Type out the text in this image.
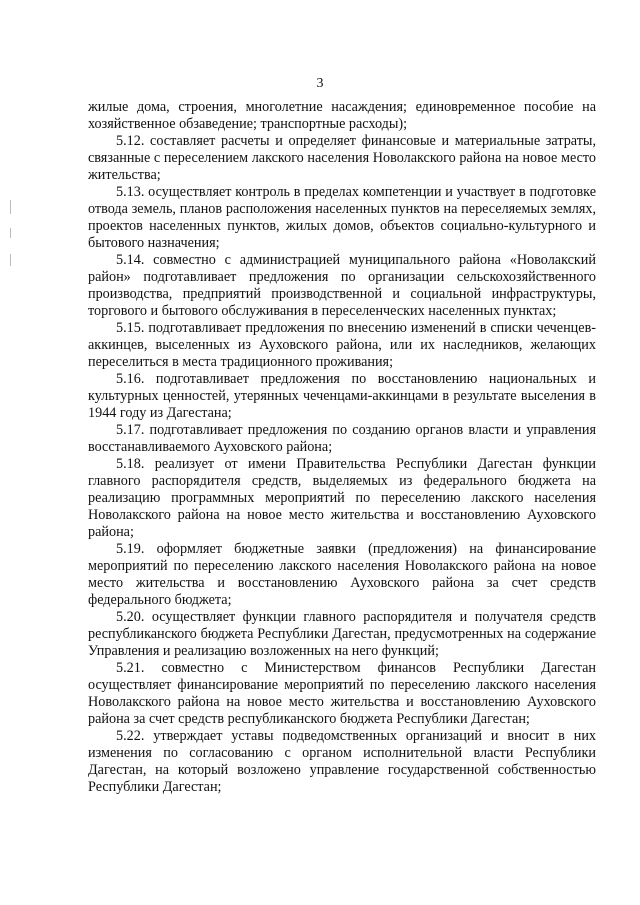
3

жилые дома, строения, многолетние насаждения; единовременное пособие на хозяйственное обзаведение; транспортные расходы);

5.12. составляет расчеты и определяет финансовые и материальные затраты, связанные с переселением лакского населения Новолакского района на новое место жительства;

5.13. осуществляет контроль в пределах компетенции и участвует в подготовке отвода земель, планов расположения населенных пунктов на переселяемых землях, проектов населенных пунктов, жилых домов, объектов социально-культурного и бытового назначения;

5.14. совместно с администрацией муниципального района «Новолакский район» подготавливает предложения по организации сельскохозяйственного производства, предприятий производственной и социальной инфраструктуры, торгового и бытового обслуживания в переселенческих населенных пунктах;

5.15. подготавливает предложения по внесению изменений в списки чеченцев-аккинцев, выселенных из Ауховского района, или их наследников, желающих переселиться в места традиционного проживания;

5.16. подготавливает предложения по восстановлению национальных и культурных ценностей, утерянных чеченцами-аккинцами в результате выселения в 1944 году из Дагестана;

5.17. подготавливает предложения по созданию органов власти и управления восстанавливаемого Ауховского района;

5.18. реализует от имени Правительства Республики Дагестан функции главного распорядителя средств, выделяемых из федерального бюджета на реализацию программных мероприятий по переселению лакского населения Новолакского района на новое место жительства и восстановлению Ауховского района;

5.19. оформляет бюджетные заявки (предложения) на финансирование мероприятий по переселению лакского населения Новолакского района на новое место жительства и восстановлению Ауховского района за счет средств федерального бюджета;

5.20. осуществляет функции главного распорядителя и получателя средств республиканского бюджета Республики Дагестан, предусмотренных на содержание Управления и реализацию возложенных на него функций;

5.21. совместно с Министерством финансов Республики Дагестан осуществляет финансирование мероприятий по переселению лакского населения Новолакского района на новое место жительства и восстановлению Ауховского района за счет средств республиканского бюджета Республики Дагестан;

5.22. утверждает уставы подведомственных организаций и вносит в них изменения по согласованию с органом исполнительной власти Республики Дагестан, на который возложено управление государственной собственностью Республики Дагестан;
